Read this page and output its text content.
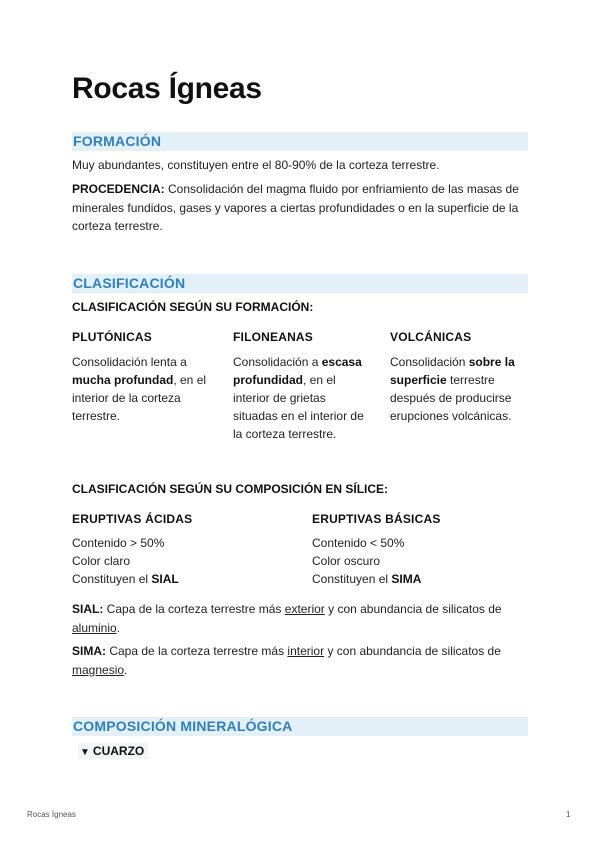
Rocas Ígneas
FORMACIÓN
Muy abundantes, constituyen entre el 80-90% de la corteza terrestre.
PROCEDENCIA: Consolidación del magma fluido por enfriamiento de las masas de minerales fundidos, gases y vapores a ciertas profundidades o en la superficie de la corteza terrestre.
CLASIFICACIÓN
CLASIFICACIÓN SEGÚN SU FORMACIÓN:
PLUTÓNICAS
Consolidación lenta a mucha profundad, en el interior de la corteza terrestre.
FILONEANAS
Consolidación a escasa profundidad, en el interior de grietas situadas en el interior de la corteza terrestre.
VOLCÁNICAS
Consolidación sobre la superficie terrestre después de producirse erupciones volcánicas.
CLASIFICACIÓN SEGÚN SU COMPOSICIÓN EN SÍLICE:
ERUPTIVAS ÁCIDAS
Contenido > 50%
Color claro
Constituyen el SIAL
ERUPTIVAS BÁSICAS
Contenido < 50%
Color oscuro
Constituyen el SIMA
SIAL: Capa de la corteza terrestre más exterior y con abundancia de silicatos de aluminio.
SIMA: Capa de la corteza terrestre más interior y con abundancia de silicatos de magnesio.
COMPOSICIÓN MINERALÓGICA
▼ CUARZO
Rocas Ígneas	1
